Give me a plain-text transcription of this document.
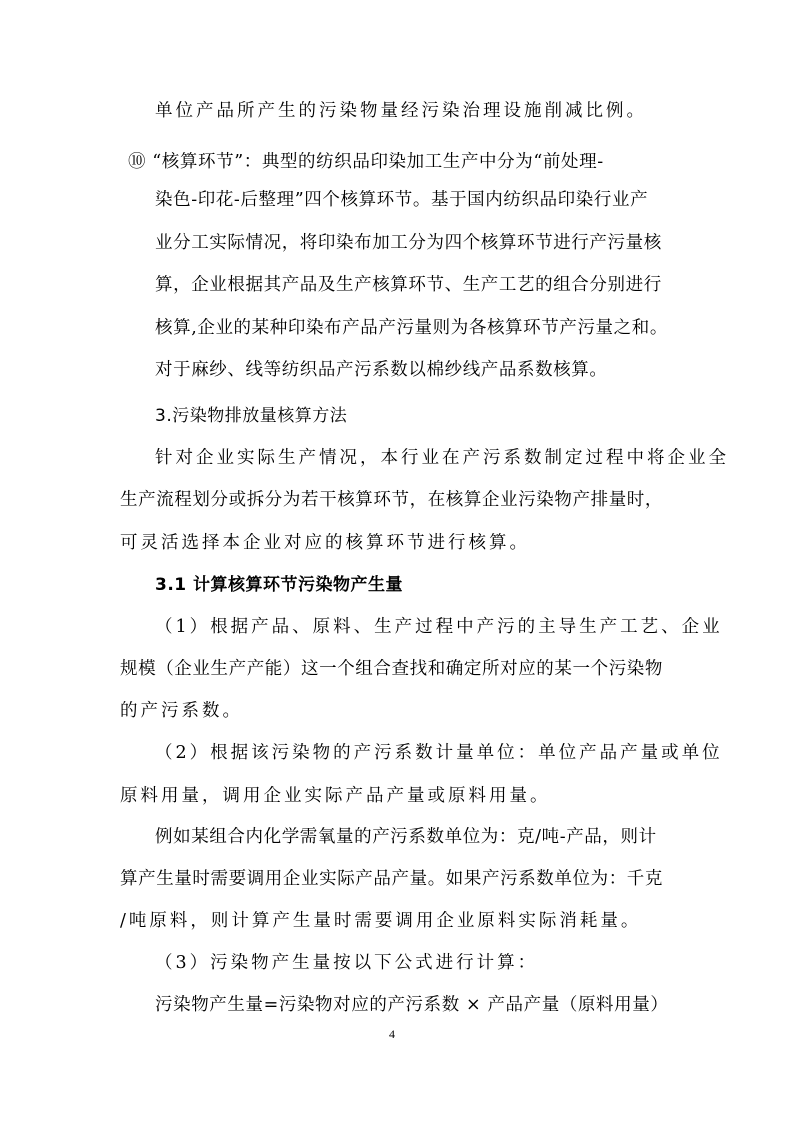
单位产品所产生的污染物量经污染治理设施削减比例。
⑩ “核算环节”：典型的纺织品印染加工生产中分为“前处理-
染色-印花-后整理”四个核算环节。基于国内纺织品印染行业产
业分工实际情况，将印染布加工分为四个核算环节进行产污量核
算，企业根据其产品及生产核算环节、生产工艺的组合分别进行
核算,企业的某种印染布产品产污量则为各核算环节产污量之和。
对于麻纱、线等纺织品产污系数以棉纱线产品系数核算。
3.污染物排放量核算方法
针对企业实际生产情况，本行业在产污系数制定过程中将企业全
生产流程划分或拆分为若干核算环节，在核算企业污染物产排量时，
可灵活选择本企业对应的核算环节进行核算。
3.1 计算核算环节污染物产生量
（1）根据产品、原料、生产过程中产污的主导生产工艺、企业
规模（企业生产产能）这一个组合查找和确定所对应的某一个污染物
的产污系数。
（2）根据该污染物的产污系数计量单位：单位产品产量或单位
原料用量，调用企业实际产品产量或原料用量。
例如某组合内化学需氧量的产污系数单位为：克/吨-产品，则计
算产生量时需要调用企业实际产品产量。如果产污系数单位为：千克
/吨原料，则计算产生量时需要调用企业原料实际消耗量。
（3）污染物产生量按以下公式进行计算：
污染物产生量=污染物对应的产污系数 × 产品产量（原料用量）
4
